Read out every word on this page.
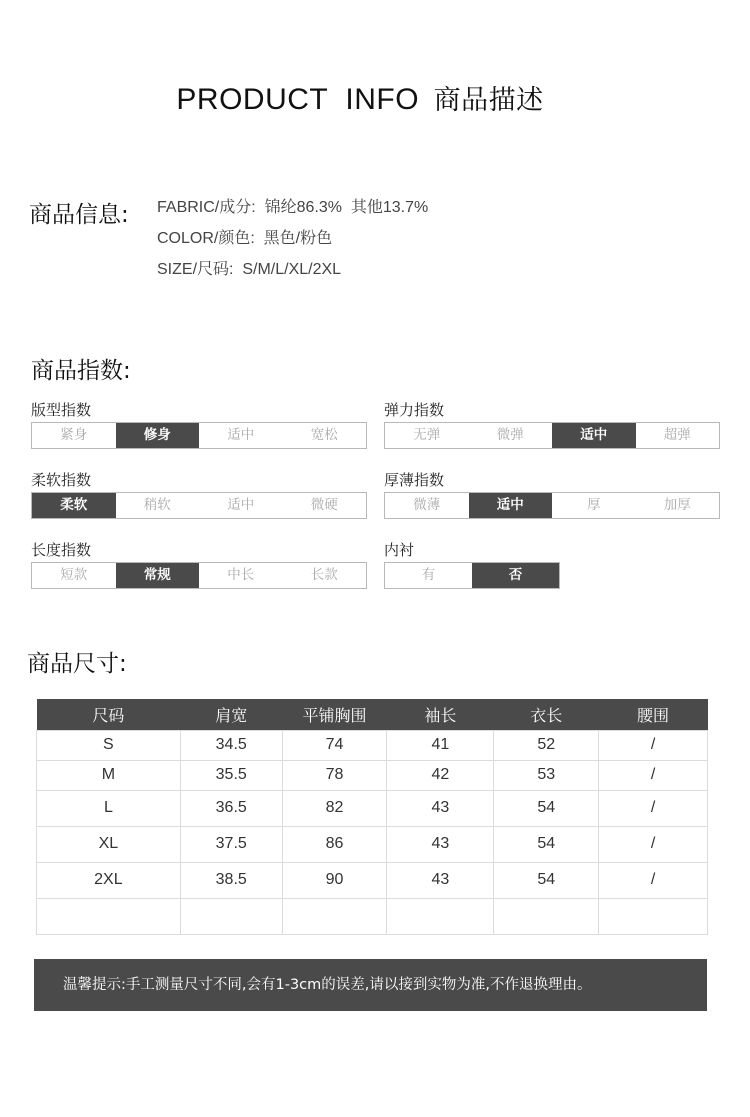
PRODUCT  INFO 商品描述
商品信息: FABRIC/成分:  锦纶86.3%  其他13.7%
COLOR/颜色:  黑色/粉色
SIZE/尺码:  S/M/L/XL/2XL
商品指数:
版型指数
紧身	修身	适中	宽松
弹力指数
无弹	微弹	适中	超弹
柔软指数
柔软	稍软	适中	微硬
厚薄指数
微薄	适中	厚	加厚
长度指数
短款	常规	中长	长款
内衬
有	否
商品尺寸:
尺码	肩宽	平铺胸围	袖长	衣长	腰围
S	34.5	74	41	52	/
M	35.5	78	42	53	/
L	36.5	82	43	54	/
XL	37.5	86	43	54	/
2XL	38.5	90	43	54	/

温馨提示:手工测量尺寸不同,会有1-3cm的误差,请以接到实物为准,不作退换理由。
